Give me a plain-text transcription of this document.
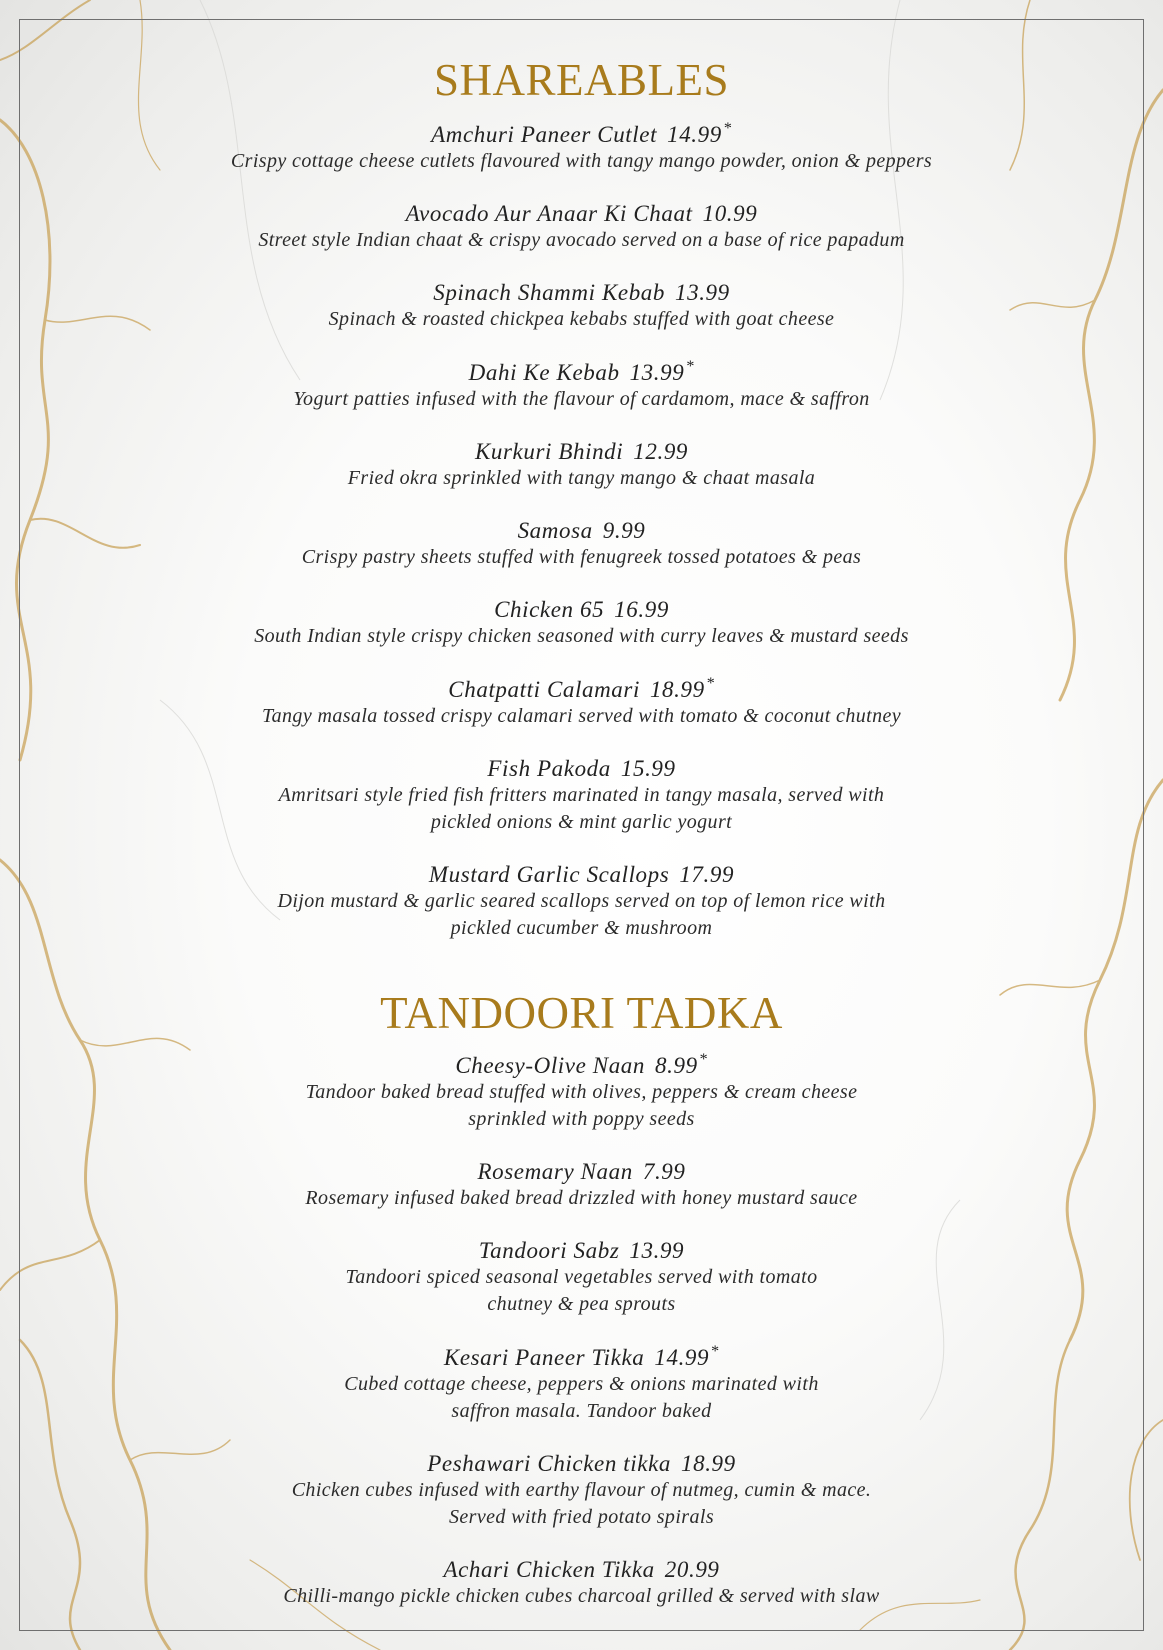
SHAREABLES
Amchuri Paneer Cutlet 14.99 *
Crispy cottage cheese cutlets flavoured with tangy mango powder, onion & peppers
Avocado Aur Anaar Ki Chaat 10.99
Street style Indian chaat & crispy avocado served on a base of rice papadum
Spinach Shammi Kebab 13.99
Spinach & roasted chickpea kebabs stuffed with goat cheese
Dahi Ke Kebab 13.99 *
Yogurt patties infused with the flavour of cardamom, mace & saffron
Kurkuri Bhindi 12.99
Fried okra sprinkled with tangy mango & chaat masala
Samosa 9.99
Crispy pastry sheets stuffed with fenugreek tossed potatoes & peas
Chicken 65 16.99
South Indian style crispy chicken seasoned with curry leaves & mustard seeds
Chatpatti Calamari 18.99 *
Tangy masala tossed crispy calamari served with tomato & coconut chutney
Fish Pakoda 15.99
Amritsari style fried fish fritters marinated in tangy masala, served with
pickled onions & mint garlic yogurt
Mustard Garlic Scallops 17.99
Dijon mustard & garlic seared scallops served on top of lemon rice with
pickled cucumber & mushroom
TANDOORI TADKA
Cheesy-Olive Naan 8.99 *
Tandoor baked bread stuffed with olives, peppers & cream cheese
sprinkled with poppy seeds
Rosemary Naan 7.99
Rosemary infused baked bread drizzled with honey mustard sauce
Tandoori Sabz 13.99
Tandoori spiced seasonal vegetables served with tomato
chutney & pea sprouts
Kesari Paneer Tikka 14.99 *
Cubed cottage cheese, peppers & onions marinated with
saffron masala. Tandoor baked
Peshawari Chicken tikka 18.99
Chicken cubes infused with earthy flavour of nutmeg, cumin & mace.
Served with fried potato spirals
Achari Chicken Tikka 20.99
Chilli-mango pickle chicken cubes charcoal grilled & served with slaw
